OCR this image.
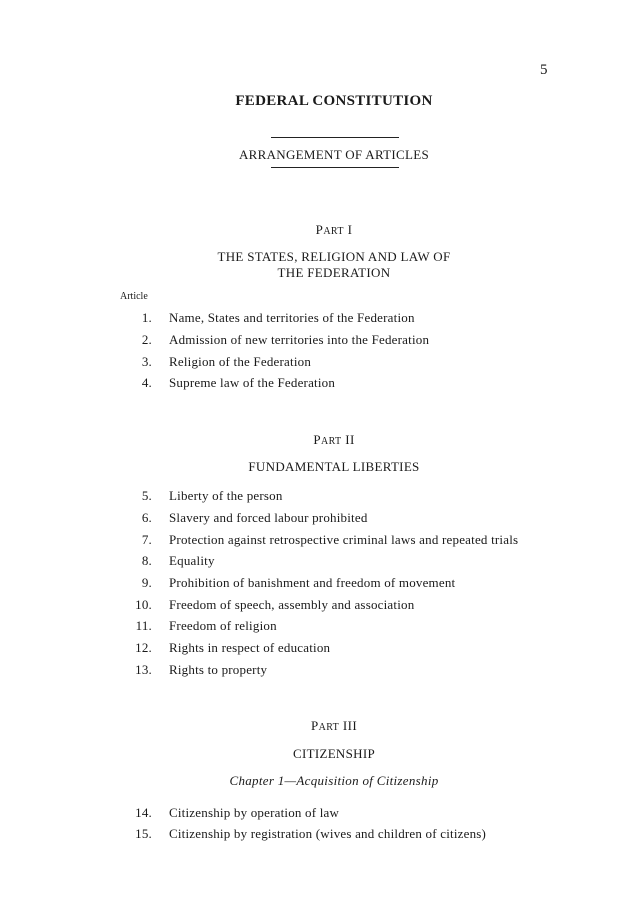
5
FEDERAL CONSTITUTION
ARRANGEMENT OF ARTICLES
PART I
THE STATES, RELIGION AND LAW OF
THE FEDERATION
Article
1. Name, States and territories of the Federation
2. Admission of new territories into the Federation
3. Religion of the Federation
4. Supreme law of the Federation
PART II
FUNDAMENTAL LIBERTIES
5. Liberty of the person
6. Slavery and forced labour prohibited
7. Protection against retrospective criminal laws and repeated trials
8. Equality
9. Prohibition of banishment and freedom of movement
10. Freedom of speech, assembly and association
11. Freedom of religion
12. Rights in respect of education
13. Rights to property
PART III
CITIZENSHIP
Chapter 1—Acquisition of Citizenship
14. Citizenship by operation of law
15. Citizenship by registration (wives and children of citizens)
